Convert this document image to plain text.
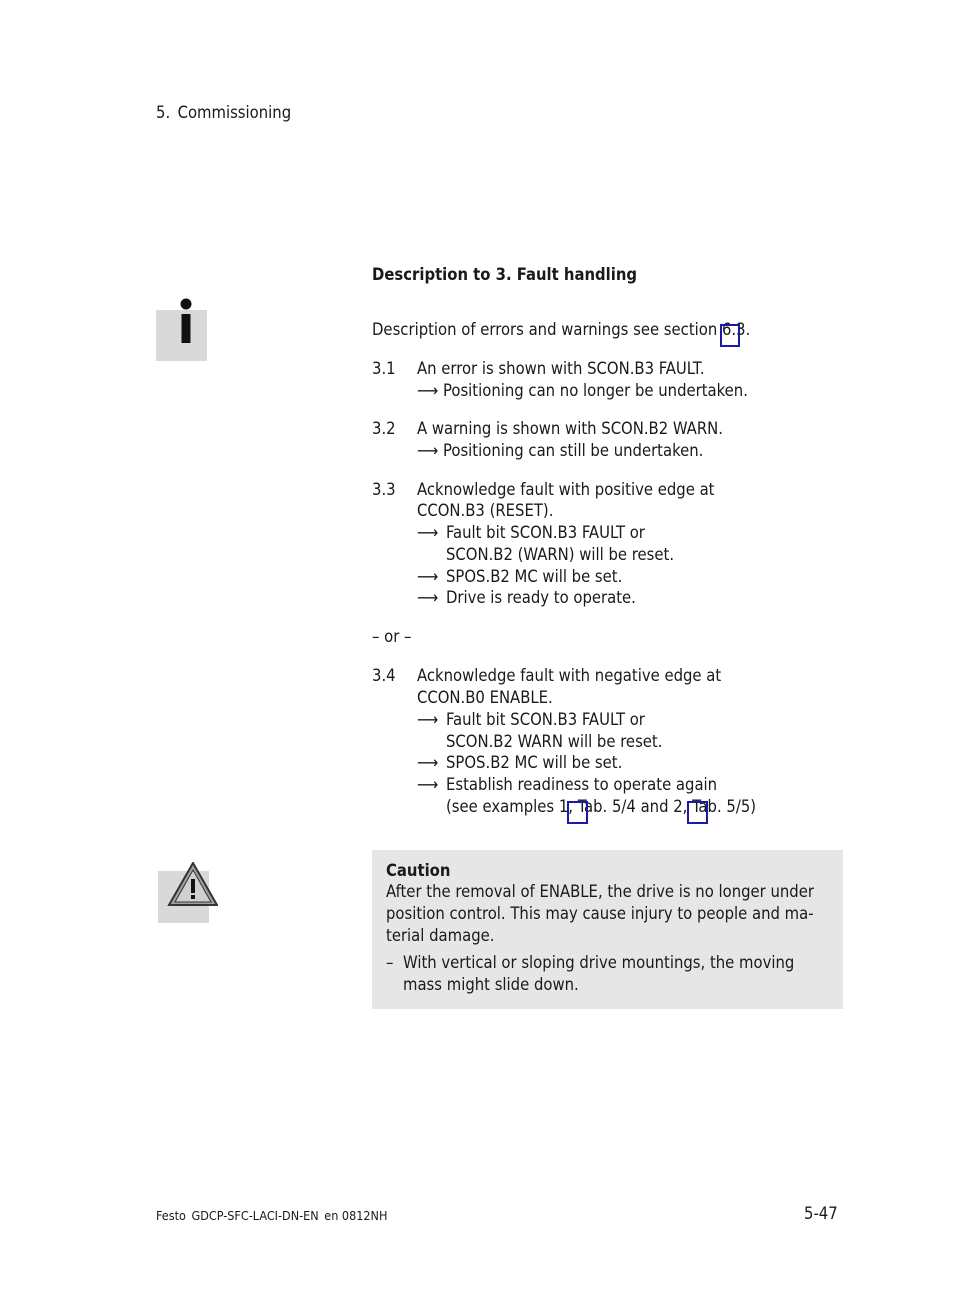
5. Commissioning
Description to 3. Fault handling
Description of errors and warnings see section 6.3.
3.1 An error is shown with SCON.B3 FAULT.
⟶ Positioning can no longer be undertaken.
3.2 A warning is shown with SCON.B2 WARN.
⟶ Positioning can still be undertaken.
3.3 Acknowledge fault with positive edge at
CCON.B3 (RESET).
⟶ Fault bit SCON.B3 FAULT or
SCON.B2 (WARN) will be reset.
⟶ SPOS.B2 MC will be set.
⟶ Drive is ready to operate.
– or –
3.4 Acknowledge fault with negative edge at
CCON.B0 ENABLE.
⟶ Fault bit SCON.B3 FAULT or
SCON.B2 WARN will be reset.
⟶ SPOS.B2 MC will be set.
⟶ Establish readiness to operate again
(see examples 1, Tab. 5/4 and 2, Tab. 5/5)
Caution
After the removal of ENABLE, the drive is no longer under
position control. This may cause injury to people and ma-
terial damage.
– With vertical or sloping drive mountings, the moving
mass might slide down.
Festo GDCP-SFC-LACI-DN-EN en 0812NH	5-47
